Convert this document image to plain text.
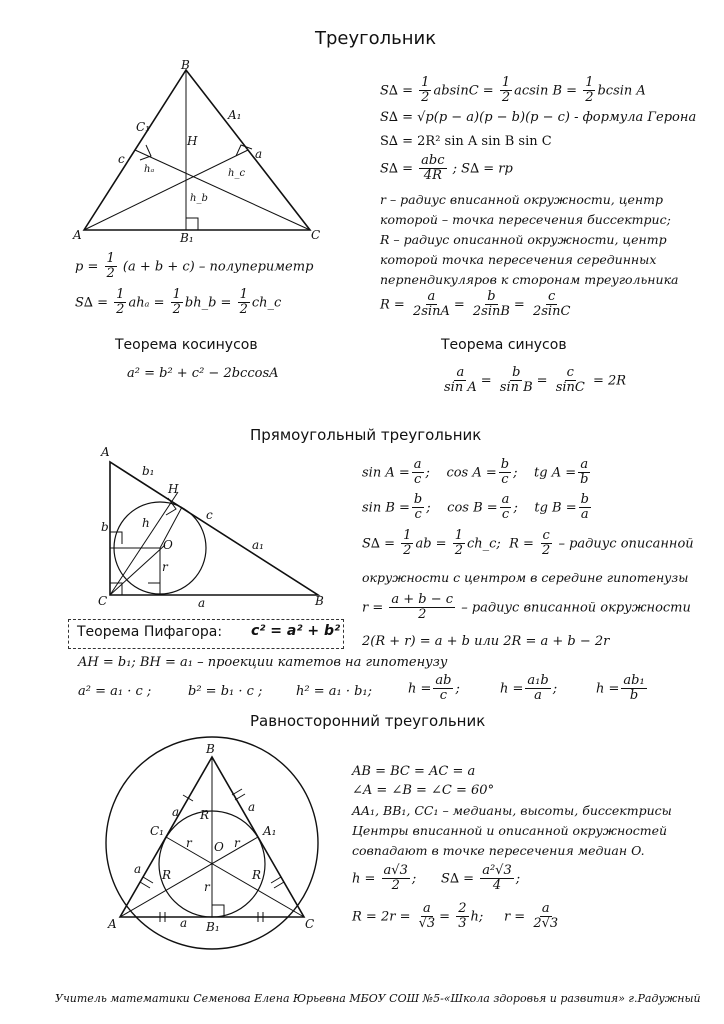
Треугольник
Прямоугольный треугольник
Равносторонний треугольник
Теорема косинусов	Теорема синусов
B
A	C
A₁
C₁
B₁
H
c	a
hₐ
h_b
h_c
$S\Delta = \frac{1}{2}$ $absinC = \frac{1}{2}$ acsin $B = \frac{1}{2}$ bcsin A
S∆ = √p(p − a)(p − b)(p − c) - формула Герона
S∆ = 2R² sin A sin B sin C
$S\Delta = \frac{\text{abc}}{4R}$ ; S∆ = rp
r – радиус вписанной окружности, центр
которой – точка пересечения биссектрис;
R – радиус описанной окружности, центр
которой точка пересечения серединных
перпендикуляров к сторонам треугольника
$R = \frac{a}{2\sin A} = \frac{b}{2\sin B} = \frac{c}{2\sin C}$
$p = \frac{1}{2} (a + b + c)$ – полупериметр
$S\Delta = \frac{1}{2}$ $ah_a = \frac{1}{2}$ bh_b = $\frac{1}{2}$ ch_c
a² = b² + c² − 2bccosA	$\frac{a}{\text{sin A}} = \frac{b}{\text{sin B}} = \frac{c}{\sin C} = 2R$
A
C	B
H
O
b₁
b
c
a₁
a
h
r
$\sin A = \frac{a}{c}$ ; $\cos A = \frac{b}{c}$ ; tg $A = \frac{a}{b}$
$\sin B = \frac{b}{c}$ ; $\cos B = \frac{a}{c}$ ; tg $B = \frac{b}{a}$
$S\Delta = \frac{1}{2}$ ab = $\frac{1}{2}$ ch_c; $R = \frac{c}{2}$ – радиус описанной
окружности с центром в середине гипотенузы
$r = \frac{a + b - c}{2}$ – радиус вписанной окружности
2(R + r) = a + b или 2R = a + b − 2r
Теорема Пифагора: c² = a² + b²
AH = b₁; BH = a₁ – проекции катетов на гипотенузу
a² = a₁ · c ;	b² = b₁ · c ;	h² = a₁ · b₁;	$h = \frac{ab}{c}$ ;	$h = \frac{\text{a₁b}}{a}$ ;	$h = \frac{\text{ab₁}}{b}$
B
A	C
C₁	A₁
B₁
O
R
R	R
r	r
r
a
a
a
a
AB = BC = AC = a
∠A = ∠B = ∠C = 60°
AA₁, BB₁, CC₁ – медианы, высоты, биссектрисы
Центры вписанной и описанной окружностей
совпадают в точке пересечения медиан O.
$h = \frac{a√3}{2}$ ; $S\Delta = \frac{\text{a²√3}}{4}$ ;
$R = 2r = \frac{a}{√3} = \frac{2}{3} h$; $r = \frac{a}{2√3}$
Учитель математики Семенова Елена Юрьевна МБОУ СОШ №5-«Школа здоровья и развития» г.Радужный
